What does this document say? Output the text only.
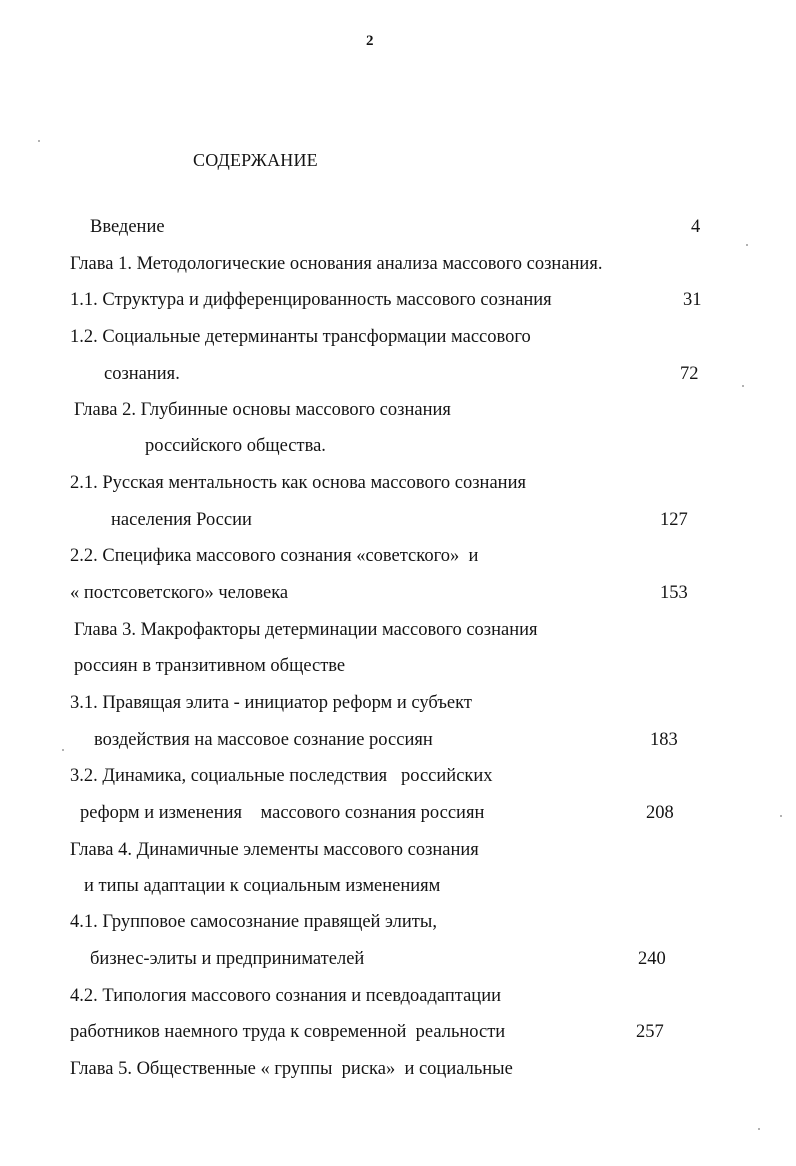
2
СОДЕРЖАНИЕ
Введение	4
Глава 1. Методологические основания анализа массового сознания.
1.1. Структура и дифференцированность массового сознания	31
1.2. Социальные детерминанты трансформации массового
сознания.	72
Глава 2. Глубинные основы массового сознания
российского общества.
2.1. Русская ментальность как основа массового сознания
населения России	127
2.2. Специфика массового сознания «советского»  и
« постсоветского» человека	153
Глава 3. Макрофакторы детерминации массового сознания
россиян в транзитивном обществе
3.1. Правящая элита - инициатор реформ и субъект
воздействия на массовое сознание россиян	183
3.2. Динамика, социальные последствия   российских
реформ и изменения    массового сознания россиян	208
Глава 4. Динамичные элементы массового сознания
и типы адаптации к социальным изменениям
4.1. Групповое самосознание правящей элиты,
бизнес-элиты и предпринимателей	240
4.2. Типология массового сознания и псевдоадаптации
работников наемного труда к современной  реальности	257
Глава 5. Общественные « группы  риска»  и социальные
